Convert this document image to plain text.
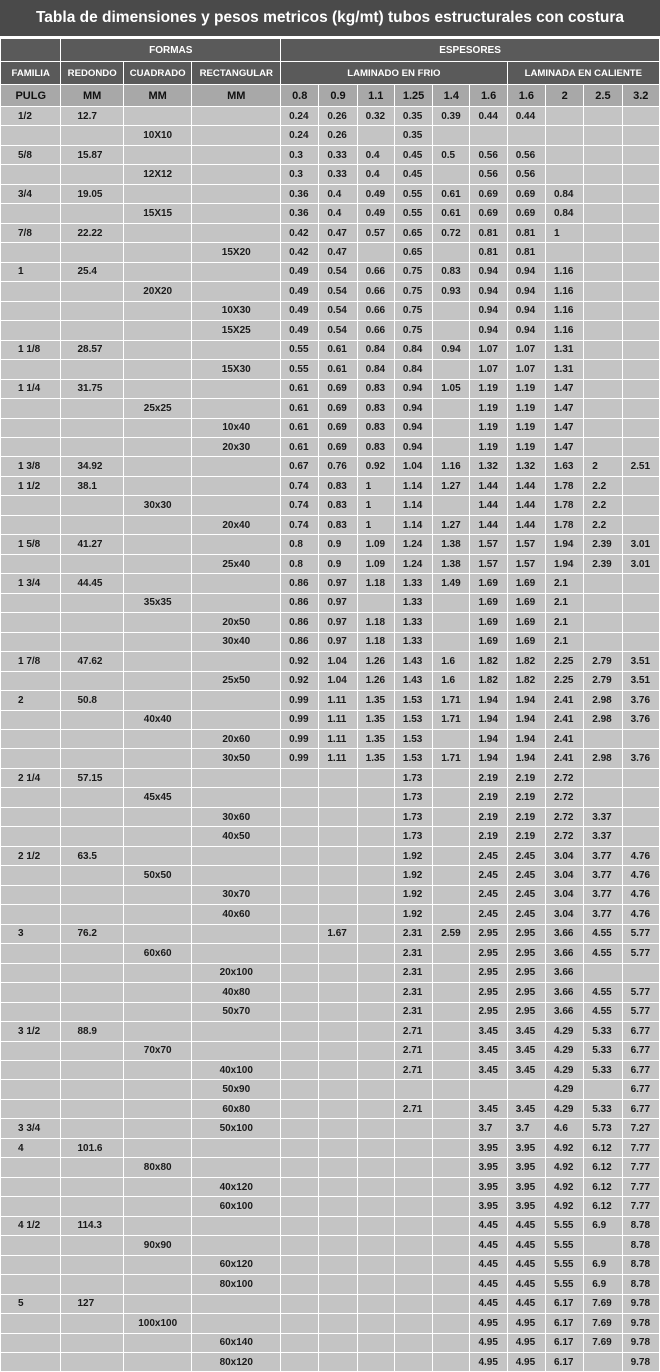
Tabla de dimensiones y pesos metricos (kg/mt) tubos estructurales con costura
	FORMAS			ESPESORES									
FAMILIA	REDONDO	CUADRADO	RECTANGULAR	LAMINADO EN FRIO						LAMINADA EN CALIENTE			
PULG	MM	MM	MM	0.8	0.9	1.1	1.25	1.4	1.6	1.6	2	2.5	3.2
1/2	12.7			0.24	0.26	0.32	0.35	0.39	0.44	0.44			
		10X10		0.24	0.26		0.35						
5/8	15.87			0.3	0.33	0.4	0.45	0.5	0.56	0.56			
		12X12		0.3	0.33	0.4	0.45		0.56	0.56			
3/4	19.05			0.36	0.4	0.49	0.55	0.61	0.69	0.69	0.84		
		15X15		0.36	0.4	0.49	0.55	0.61	0.69	0.69	0.84		
7/8	22.22			0.42	0.47	0.57	0.65	0.72	0.81	0.81	1		
			15X20	0.42	0.47		0.65		0.81	0.81			
1	25.4			0.49	0.54	0.66	0.75	0.83	0.94	0.94	1.16		
		20X20		0.49	0.54	0.66	0.75	0.93	0.94	0.94	1.16		
			10X30	0.49	0.54	0.66	0.75		0.94	0.94	1.16		
			15X25	0.49	0.54	0.66	0.75		0.94	0.94	1.16		
1 1/8	28.57			0.55	0.61	0.84	0.84	0.94	1.07	1.07	1.31		
			15X30	0.55	0.61	0.84	0.84		1.07	1.07	1.31		
1 1/4	31.75			0.61	0.69	0.83	0.94	1.05	1.19	1.19	1.47		
		25x25		0.61	0.69	0.83	0.94		1.19	1.19	1.47		
			10x40	0.61	0.69	0.83	0.94		1.19	1.19	1.47		
			20x30	0.61	0.69	0.83	0.94		1.19	1.19	1.47		
1 3/8	34.92			0.67	0.76	0.92	1.04	1.16	1.32	1.32	1.63	2	2.51
1 1/2	38.1			0.74	0.83	1	1.14	1.27	1.44	1.44	1.78	2.2	
		30x30		0.74	0.83	1	1.14		1.44	1.44	1.78	2.2	
			20x40	0.74	0.83	1	1.14	1.27	1.44	1.44	1.78	2.2	
1 5/8	41.27			0.8	0.9	1.09	1.24	1.38	1.57	1.57	1.94	2.39	3.01
			25x40	0.8	0.9	1.09	1.24	1.38	1.57	1.57	1.94	2.39	3.01
1 3/4	44.45			0.86	0.97	1.18	1.33	1.49	1.69	1.69	2.1		
		35x35		0.86	0.97		1.33		1.69	1.69	2.1		
			20x50	0.86	0.97	1.18	1.33		1.69	1.69	2.1		
			30x40	0.86	0.97	1.18	1.33		1.69	1.69	2.1		
1 7/8	47.62			0.92	1.04	1.26	1.43	1.6	1.82	1.82	2.25	2.79	3.51
			25x50	0.92	1.04	1.26	1.43	1.6	1.82	1.82	2.25	2.79	3.51
2	50.8			0.99	1.11	1.35	1.53	1.71	1.94	1.94	2.41	2.98	3.76
		40x40		0.99	1.11	1.35	1.53	1.71	1.94	1.94	2.41	2.98	3.76
			20x60	0.99	1.11	1.35	1.53		1.94	1.94	2.41		
			30x50	0.99	1.11	1.35	1.53	1.71	1.94	1.94	2.41	2.98	3.76
2 1/4	57.15						1.73		2.19	2.19	2.72		
		45x45					1.73		2.19	2.19	2.72		
			30x60				1.73		2.19	2.19	2.72	3.37	
			40x50				1.73		2.19	2.19	2.72	3.37	
2 1/2	63.5						1.92		2.45	2.45	3.04	3.77	4.76
		50x50					1.92		2.45	2.45	3.04	3.77	4.76
			30x70				1.92		2.45	2.45	3.04	3.77	4.76
			40x60				1.92		2.45	2.45	3.04	3.77	4.76
3	76.2				1.67		2.31	2.59	2.95	2.95	3.66	4.55	5.77
		60x60					2.31		2.95	2.95	3.66	4.55	5.77
			20x100				2.31		2.95	2.95	3.66		
			40x80				2.31		2.95	2.95	3.66	4.55	5.77
			50x70				2.31		2.95	2.95	3.66	4.55	5.77
3 1/2	88.9						2.71		3.45	3.45	4.29	5.33	6.77
		70x70					2.71		3.45	3.45	4.29	5.33	6.77
			40x100				2.71		3.45	3.45	4.29	5.33	6.77
			50x90								4.29		6.77
			60x80				2.71		3.45	3.45	4.29	5.33	6.77
3 3/4			50x100						3.7	3.7	4.6	5.73	7.27
4	101.6								3.95	3.95	4.92	6.12	7.77
		80x80							3.95	3.95	4.92	6.12	7.77
			40x120						3.95	3.95	4.92	6.12	7.77
			60x100						3.95	3.95	4.92	6.12	7.77
4 1/2	114.3								4.45	4.45	5.55	6.9	8.78
		90x90							4.45	4.45	5.55		8.78
			60x120						4.45	4.45	5.55	6.9	8.78
			80x100						4.45	4.45	5.55	6.9	8.78
5	127								4.45	4.45	6.17	7.69	9.78
		100x100							4.95	4.95	6.17	7.69	9.78
			60x140						4.95	4.95	6.17	7.69	9.78
			80x120						4.95	4.95	6.17		9.78
